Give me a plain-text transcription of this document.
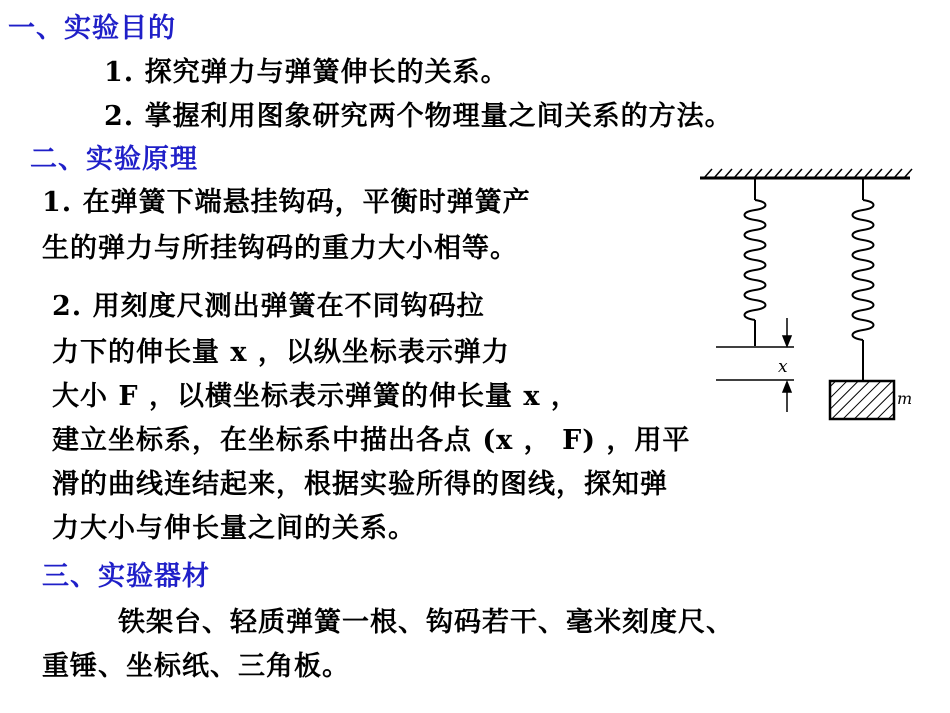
一、实验目的
1. 探究弹力与弹簧伸长的关系。
2. 掌握利用图象研究两个物理量之间关系的方法。
二、实验原理
1. 在弹簧下端悬挂钩码，平衡时弹簧产
生的弹力与所挂钩码的重力大小相等。
2. 用刻度尺测出弹簧在不同钩码拉
力下的伸长量 x ，以纵坐标表示弹力
大小 F ，以横坐标表示弹簧的伸长量 x ，
建立坐标系，在坐标系中描出各点 (x ， F) ，用平
滑的曲线连结起来，根据实验所得的图线，探知弹
力大小与伸长量之间的关系。
三、实验器材
铁架台、轻质弹簧一根、钩码若干、毫米刻度尺、
重锤、坐标纸、三角板。
x
m
